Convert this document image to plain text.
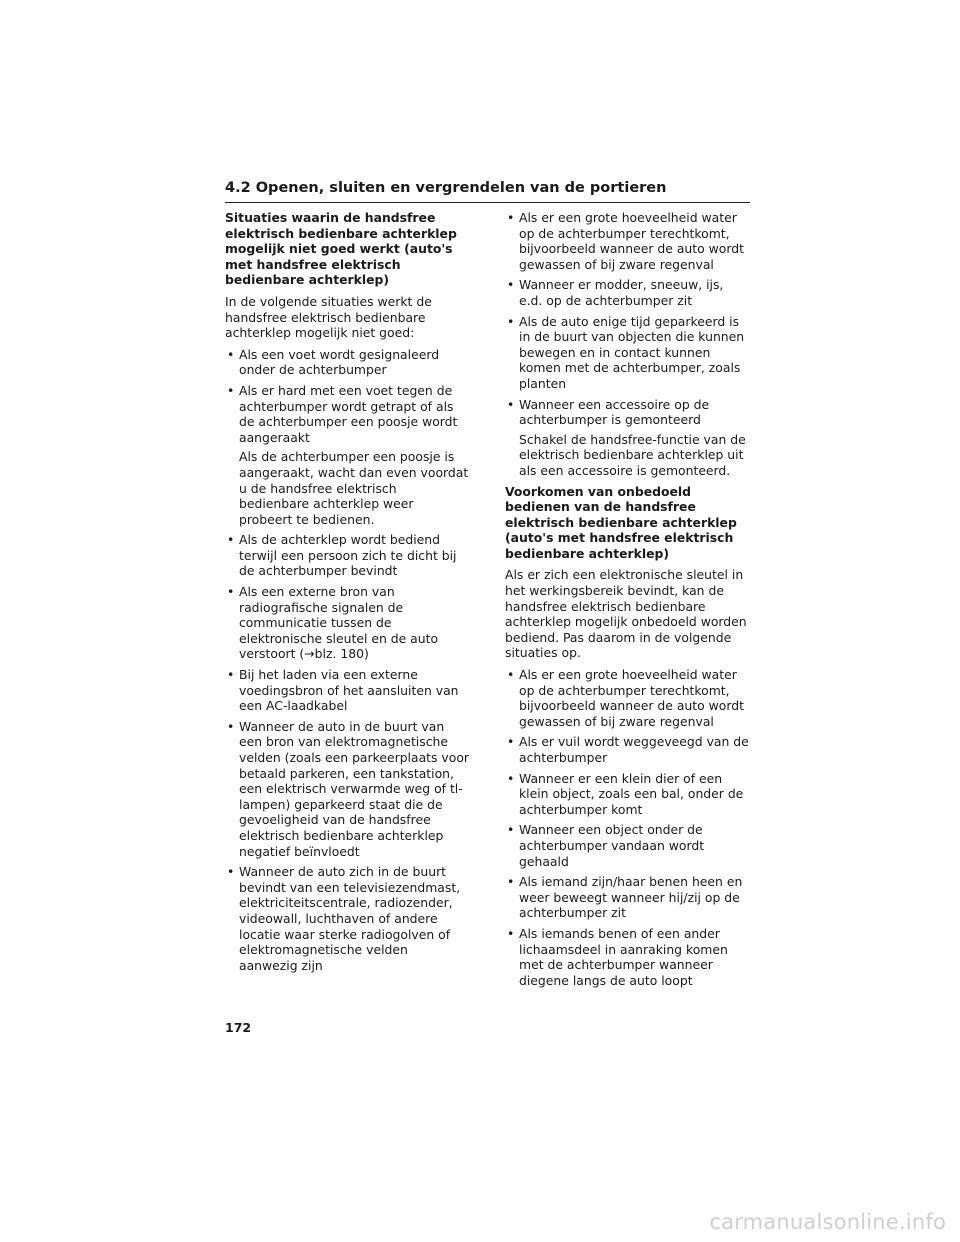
4.2 Openen, sluiten en vergrendelen van de portieren
Situaties waarin de handsfree elektrisch bedienbare achterklep mogelijk niet goed werkt (auto's met handsfree elektrisch bedienbare achterklep)
In de volgende situaties werkt de handsfree elektrisch bedienbare achterklep mogelijk niet goed:
• Als een voet wordt gesignaleerd onder de achterbumper
• Als er hard met een voet tegen de achterbumper wordt getrapt of als de achterbumper een poosje wordt aangeraakt
Als de achterbumper een poosje is aangeraakt, wacht dan even voordat u de handsfree elektrisch bedienbare achterklep weer probeert te bedienen.
• Als de achterklep wordt bediend terwijl een persoon zich te dicht bij de achterbumper bevindt
• Als een externe bron van radiografische signalen de communicatie tussen de elektronische sleutel en de auto verstoort (→blz. 180)
• Bij het laden via een externe voedingsbron of het aansluiten van een AC-laadkabel
• Wanneer de auto in de buurt van een bron van elektromagnetische velden (zoals een parkeerplaats voor betaald parkeren, een tankstation, een elektrisch verwarmde weg of tl-lampen) geparkeerd staat die de gevoeligheid van de handsfree elektrisch bedienbare achterklep negatief beïnvloedt
• Wanneer de auto zich in de buurt bevindt van een televisiezendmast, elektriciteitscentrale, radiozender, videowall, luchthaven of andere locatie waar sterke radiogolven of elektromagnetische velden aanwezig zijn
• Als er een grote hoeveelheid water op de achterbumper terechtkomt, bijvoorbeeld wanneer de auto wordt gewassen of bij zware regenval
• Wanneer er modder, sneeuw, ijs, e.d. op de achterbumper zit
• Als de auto enige tijd geparkeerd is in de buurt van objecten die kunnen bewegen en in contact kunnen komen met de achterbumper, zoals planten
• Wanneer een accessoire op de achterbumper is gemonteerd
Schakel de handsfree-functie van de elektrisch bedienbare achterklep uit als een accessoire is gemonteerd.
Voorkomen van onbedoeld bedienen van de handsfree elektrisch bedienbare achterklep (auto's met handsfree elektrisch bedienbare achterklep)
Als er zich een elektronische sleutel in het werkingsbereik bevindt, kan de handsfree elektrisch bedienbare achterklep mogelijk onbedoeld worden bediend. Pas daarom in de volgende situaties op.
• Als er een grote hoeveelheid water op de achterbumper terechtkomt, bijvoorbeeld wanneer de auto wordt gewassen of bij zware regenval
• Als er vuil wordt weggeveegd van de achterbumper
• Wanneer er een klein dier of een klein object, zoals een bal, onder de achterbumper komt
• Wanneer een object onder de achterbumper vandaan wordt gehaald
• Als iemand zijn/haar benen heen en weer beweegt wanneer hij/zij op de achterbumper zit
• Als iemands benen of een ander lichaamsdeel in aanraking komen met de achterbumper wanneer diegene langs de auto loopt
172
carmanualsonline.info
